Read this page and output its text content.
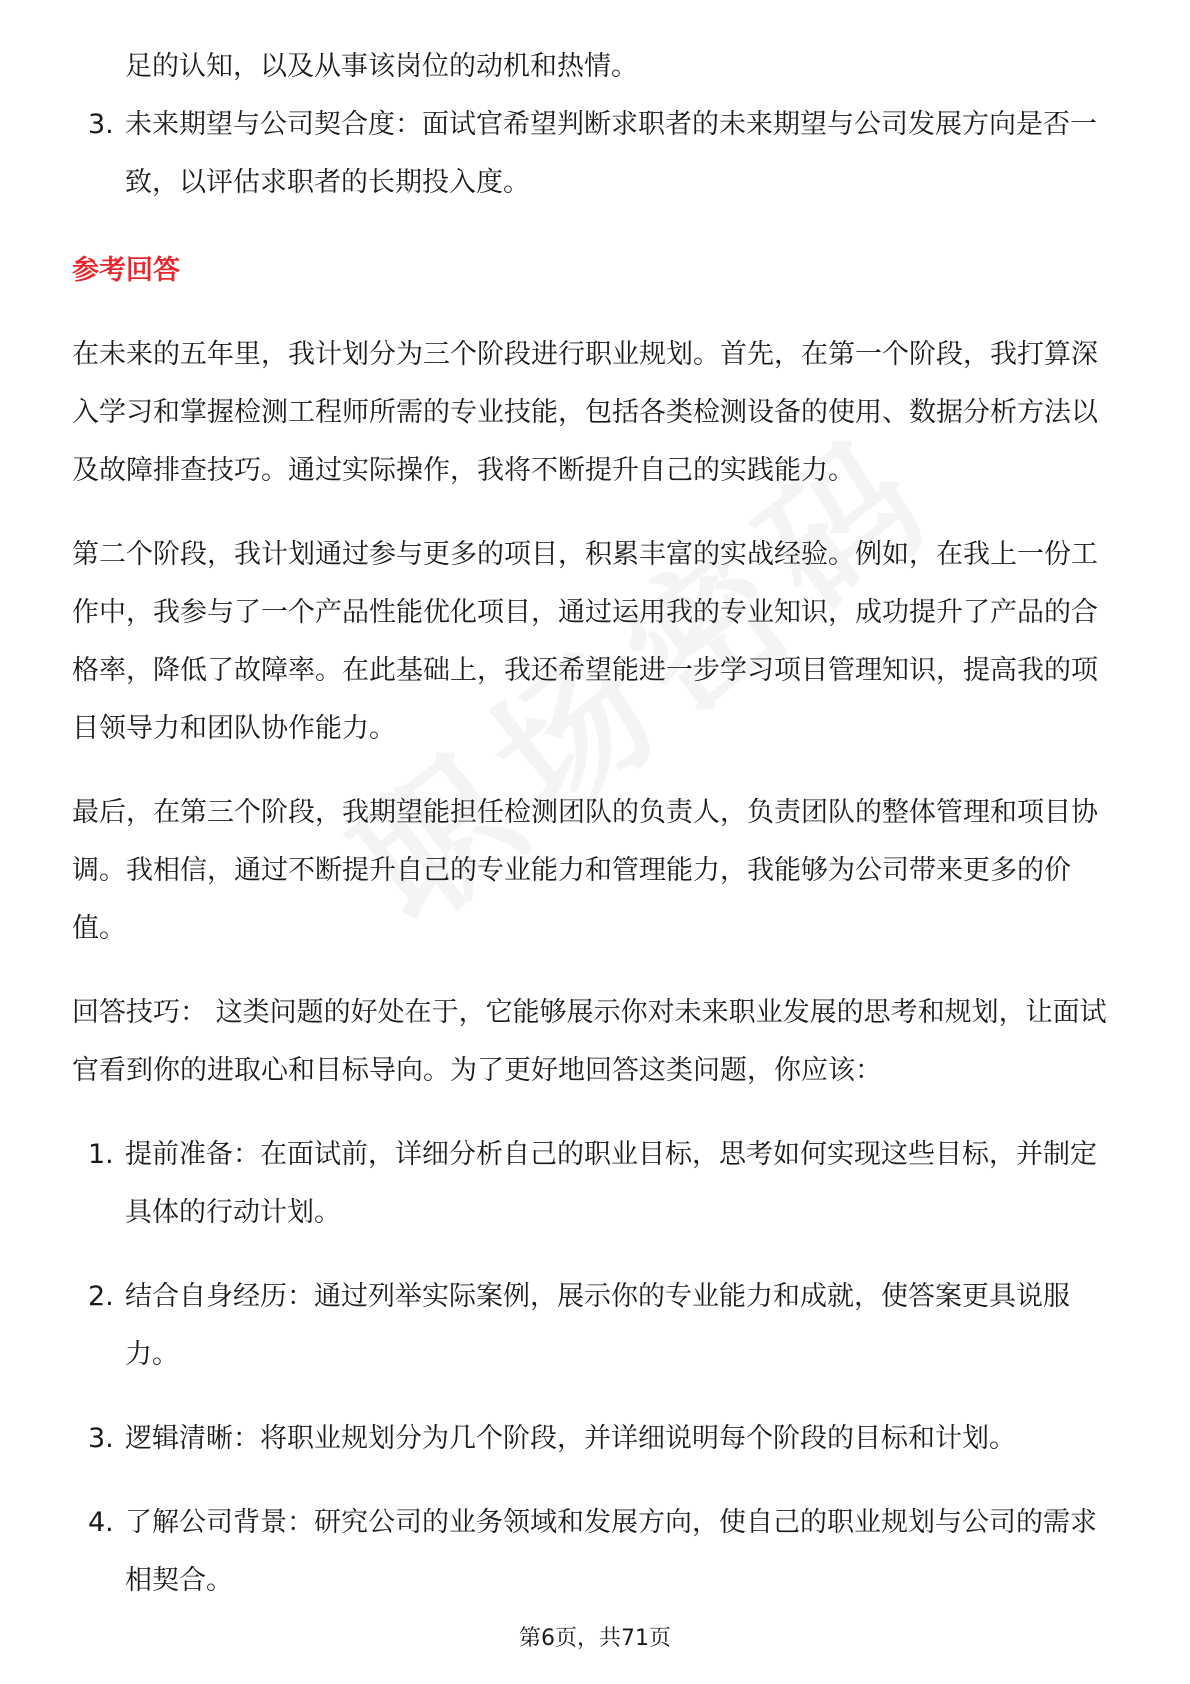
足的认知，以及从事该岗位的动机和热情。

3. 未来期望与公司契合度：面试官希望判断求职者的未来期望与公司发展方向是否一致，以评估求职者的长期投入度。
参考回答

在未来的五年里，我计划分为三个阶段进行职业规划。首先，在第一个阶段，我打算深入学习和掌握检测工程师所需的专业技能，包括各类检测设备的使用、数据分析方法以及故障排查技巧。通过实际操作，我将不断提升自己的实践能力。

第二个阶段，我计划通过参与更多的项目，积累丰富的实战经验。例如，在我上一份工作中，我参与了一个产品性能优化项目，通过运用我的专业知识，成功提升了产品的合格率，降低了故障率。在此基础上，我还希望能进一步学习项目管理知识，提高我的项目领导力和团队协作能力。

最后，在第三个阶段，我期望能担任检测团队的负责人，负责团队的整体管理和项目协调。我相信，通过不断提升自己的专业能力和管理能力，我能够为公司带来更多的价值。

回答技巧： 这类问题的好处在于，它能够展示你对未来职业发展的思考和规划，让面试官看到你的进取心和目标导向。为了更好地回答这类问题，你应该：

1. 提前准备：在面试前，详细分析自己的职业目标，思考如何实现这些目标，并制定具体的行动计划。
2. 结合自身经历：通过列举实际案例，展示你的专业能力和成就，使答案更具说服力。
3. 逻辑清晰：将职业规划分为几个阶段，并详细说明每个阶段的目标和计划。
4. 了解公司背景：研究公司的业务领域和发展方向，使自己的职业规划与公司的需求相契合。
第6页，共71页
